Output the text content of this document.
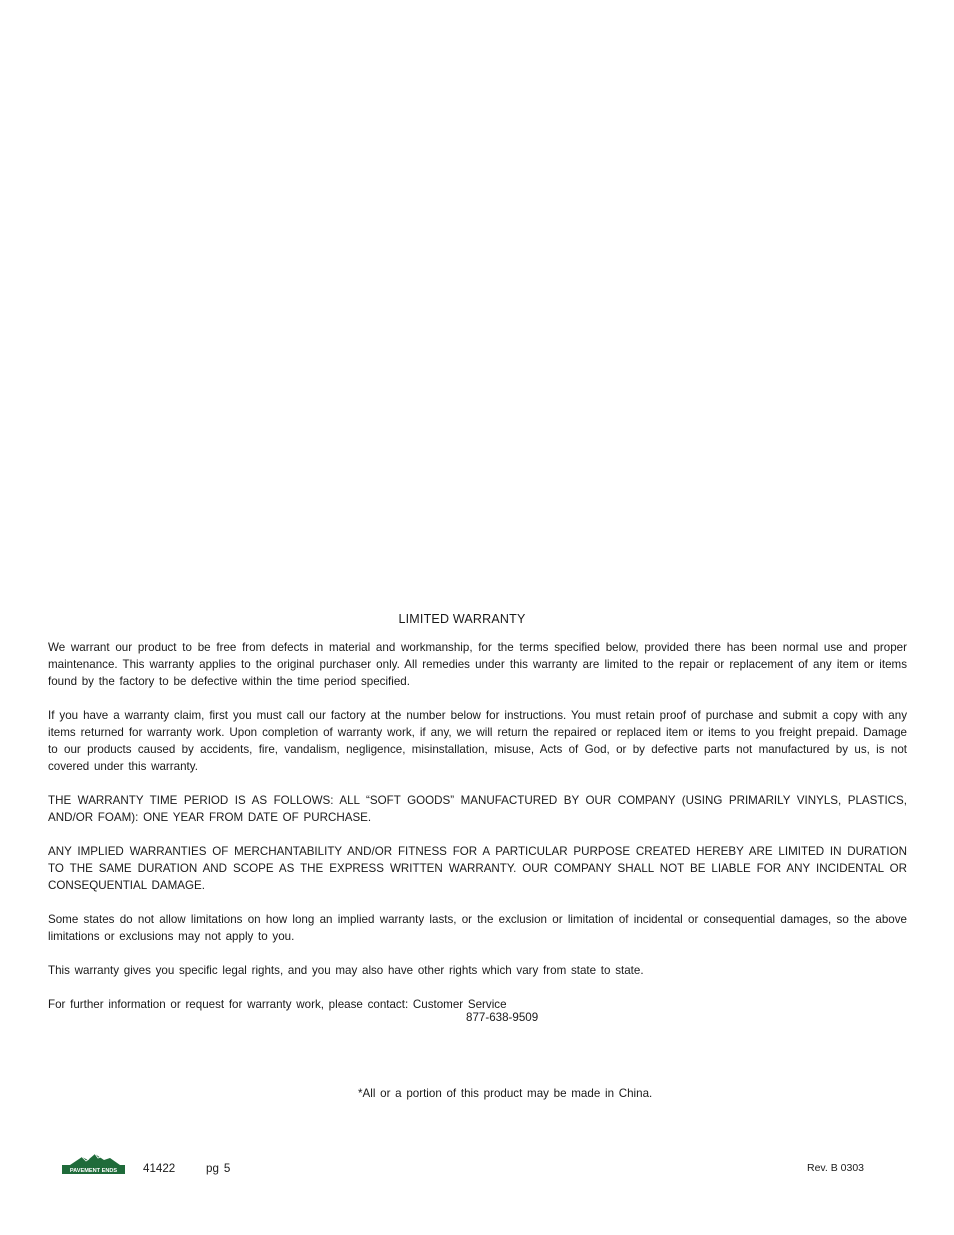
LIMITED WARRANTY

We warrant our product to be free from defects in material and workmanship, for the terms specified below, provided there has been normal use and proper maintenance. This warranty applies to the original purchaser only. All remedies under this warranty are limited to the repair or replacement of any item or items found by the factory to be defective within the time period specified.

If you have a warranty claim, first you must call our factory at the number below for instructions. You must retain proof of purchase and submit a copy with any items returned for warranty work. Upon completion of warranty work, if any, we will return the repaired or replaced item or items to you freight prepaid. Damage to our products caused by accidents, fire, vandalism, negligence, misinstallation, misuse, Acts of God, or by defective parts not manufactured by us, is not covered under this warranty.

THE WARRANTY TIME PERIOD IS AS FOLLOWS: ALL “SOFT GOODS” MANUFACTURED BY OUR COMPANY (USING PRIMARILY VINYLS, PLASTICS, AND/OR FOAM): ONE YEAR FROM DATE OF PURCHASE.

ANY IMPLIED WARRANTIES OF MERCHANTABILITY AND/OR FITNESS FOR A PARTICULAR PURPOSE CREATED HEREBY ARE LIMITED IN DURATION TO THE SAME DURATION AND SCOPE AS THE EXPRESS WRITTEN WARRANTY. OUR COMPANY SHALL NOT BE LIABLE FOR ANY INCIDENTAL OR CONSEQUENTIAL DAMAGE.

Some states do not allow limitations on how long an implied warranty lasts, or the exclusion or limitation of incidental or consequential damages, so the above limitations or exclusions may not apply to you.

This warranty gives you specific legal rights, and you may also have other rights which vary from state to state.

For further information or request for warranty work, please contact: Customer Service

877-638-9509
*All or a portion of this product may be made in China.
PAVEMENT ENDS 41422	pg 5	Rev. B 0303
